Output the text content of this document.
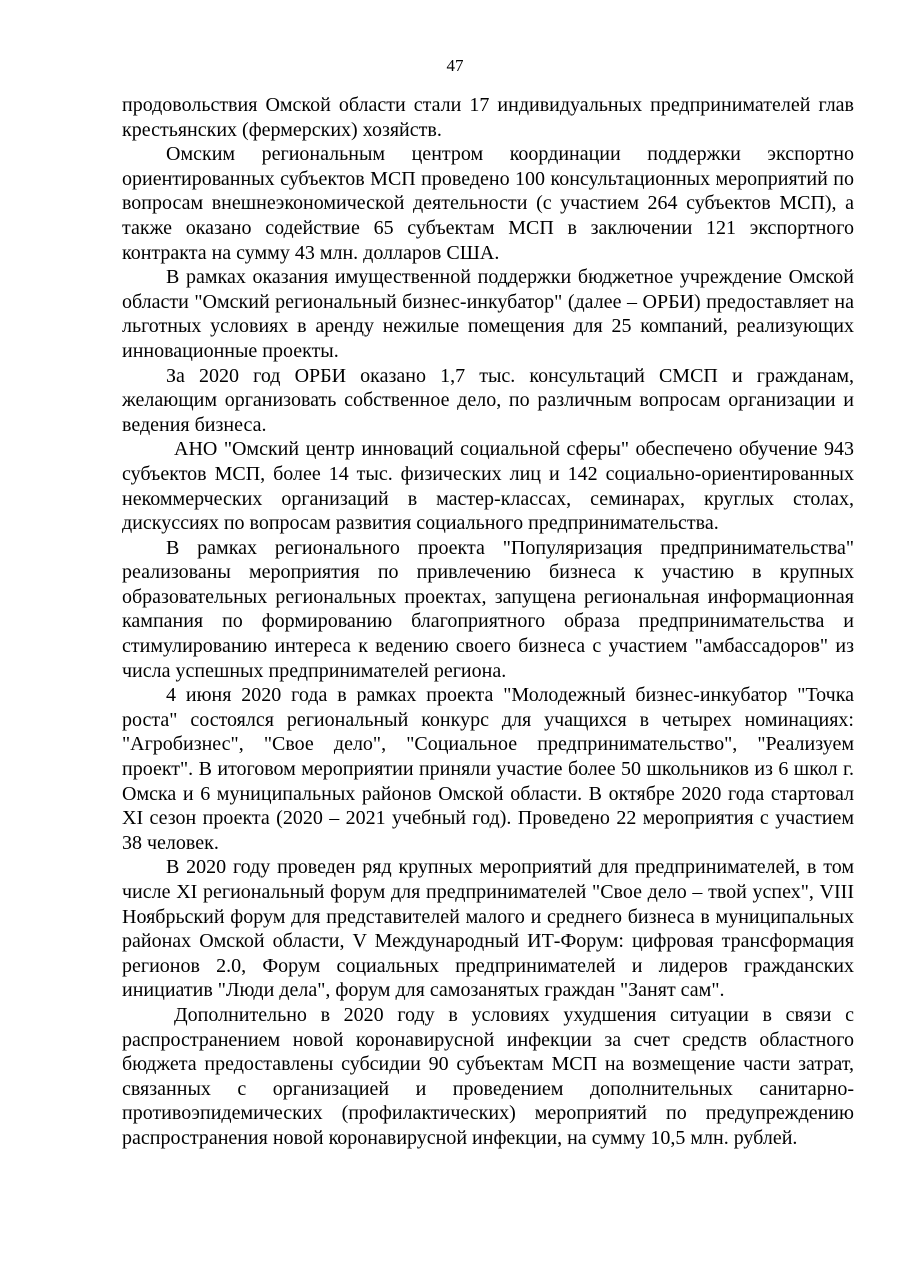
47

продовольствия Омской области стали 17 индивидуальных предпринимателей глав крестьянских (фермерских) хозяйств.

Омским региональным центром координации поддержки экспортно ориентированных субъектов МСП проведено 100 консультационных мероприятий по вопросам внешнеэкономической деятельности (с участием 264 субъектов МСП), а также оказано содействие 65 субъектам МСП в заключении 121 экспортного контракта на сумму 43 млн. долларов США.

В рамках оказания имущественной поддержки бюджетное учреждение Омской области "Омский региональный бизнес-инкубатор" (далее – ОРБИ) предоставляет на льготных условиях в аренду нежилые помещения для 25 компаний, реализующих инновационные проекты.

За 2020 год ОРБИ оказано 1,7 тыс. консультаций СМСП и гражданам, желающим организовать собственное дело, по различным вопросам организации и ведения бизнеса.

АНО "Омский центр инноваций социальной сферы" обеспечено обучение 943 субъектов МСП, более 14 тыс. физических лиц и 142 социально-ориентированных некоммерческих организаций в мастер-классах, семинарах, круглых столах, дискуссиях по вопросам развития социального предпринимательства.

В рамках регионального проекта "Популяризация предпринимательства" реализованы мероприятия по привлечению бизнеса к участию в крупных образовательных региональных проектах, запущена региональная информационная кампания по формированию благоприятного образа предпринимательства и стимулированию интереса к ведению своего бизнеса с участием "амбассадоров" из числа успешных предпринимателей региона.

4 июня 2020 года в рамках проекта "Молодежный бизнес-инкубатор "Точка роста" состоялся региональный конкурс для учащихся в четырех номинациях: "Агробизнес", "Свое дело", "Социальное предпринимательство", "Реализуем проект". В итоговом мероприятии приняли участие более 50 школьников из 6 школ г. Омска и 6 муниципальных районов Омской области. В октябре 2020 года стартовал XI сезон проекта (2020 – 2021 учебный год). Проведено 22 мероприятия с участием 38 человек.

В 2020 году проведен ряд крупных мероприятий для предпринимателей, в том числе XI региональный форум для предпринимателей "Свое дело – твой успех", VIII Ноябрьский форум для представителей малого и среднего бизнеса в муниципальных районах Омской области, V Международный ИТ-Форум: цифровая трансформация регионов 2.0, Форум социальных предпринимателей и лидеров гражданских инициатив "Люди дела", форум для самозанятых граждан "Занят сам".

Дополнительно в 2020 году в условиях ухудшения ситуации в связи с распространением новой коронавирусной инфекции за счет средств областного бюджета предоставлены субсидии 90 субъектам МСП на возмещение части затрат, связанных с организацией и проведением дополнительных санитарно-противоэпидемических (профилактических) мероприятий по предупреждению распространения новой коронавирусной инфекции, на сумму 10,5 млн. рублей.
